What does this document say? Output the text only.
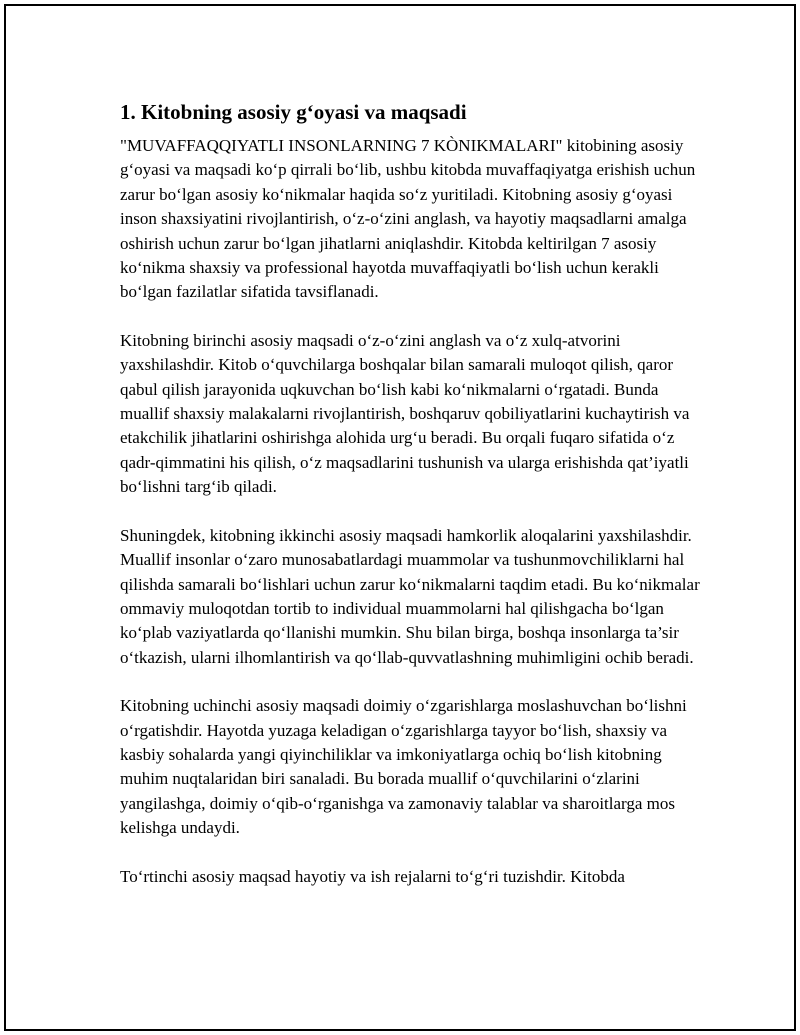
1. Kitobning asosiy g‘oyasi va maqsadi

"MUVAFFAQQIYATLI INSONLARNING 7 KÒNIKMALARI" kitobining asosiy g‘oyasi va maqsadi ko‘p qirrali bo‘lib, ushbu kitobda muvaffaqiyatga erishish uchun zarur bo‘lgan asosiy ko‘nikmalar haqida so‘z yuritiladi. Kitobning asosiy g‘oyasi inson shaxsiyatini rivojlantirish, o‘z-o‘zini anglash, va hayotiy maqsadlarni amalga oshirish uchun zarur bo‘lgan jihatlarni aniqlashdir. Kitobda keltirilgan 7 asosiy ko‘nikma shaxsiy va professional hayotda muvaffaqiyatli bo‘lish uchun kerakli bo‘lgan fazilatlar sifatida tavsiflanadi.

Kitobning birinchi asosiy maqsadi o‘z-o‘zini anglash va o‘z xulq-atvorini yaxshilashdir. Kitob o‘quvchilarga boshqalar bilan samarali muloqot qilish, qaror qabul qilish jarayonida uqkuvchan bo‘lish kabi ko‘nikmalarni o‘rgatadi. Bunda muallif shaxsiy malakalarni rivojlantirish, boshqaruv qobiliyatlarini kuchaytirish va etakchilik jihatlarini oshirishga alohida urg‘u beradi. Bu orqali fuqaro sifatida o‘z qadr-qimmatini his qilish, o‘z maqsadlarini tushunish va ularga erishishda qat’iyatli bo‘lishni targ‘ib qiladi.

Shuningdek, kitobning ikkinchi asosiy maqsadi hamkorlik aloqalarini yaxshilashdir. Muallif insonlar o‘zaro munosabatlardagi muammolar va tushunmovchiliklarni hal qilishda samarali bo‘lishlari uchun zarur ko‘nikmalarni taqdim etadi. Bu ko‘nikmalar ommaviy muloqotdan tortib to individual muammolarni hal qilishgacha bo‘lgan ko‘plab vaziyatlarda qo‘llanishi mumkin. Shu bilan birga, boshqa insonlarga ta’sir o‘tkazish, ularni ilhomlantirish va qo‘llab-quvvatlashning muhimligini ochib beradi.

Kitobning uchinchi asosiy maqsadi doimiy o‘zgarishlarga moslashuvchan bo‘lishni o‘rgatishdir. Hayotda yuzaga keladigan o‘zgarishlarga tayyor bo‘lish, shaxsiy va kasbiy sohalarda yangi qiyinchiliklar va imkoniyatlarga ochiq bo‘lish kitobning muhim nuqtalaridan biri sanaladi. Bu borada muallif o‘quvchilarini o‘zlarini yangilashga, doimiy o‘qib-o‘rganishga va zamonaviy talablar va sharoitlarga mos kelishga undaydi.

To‘rtinchi asosiy maqsad hayotiy va ish rejalarni to‘g‘ri tuzishdir. Kitobda
